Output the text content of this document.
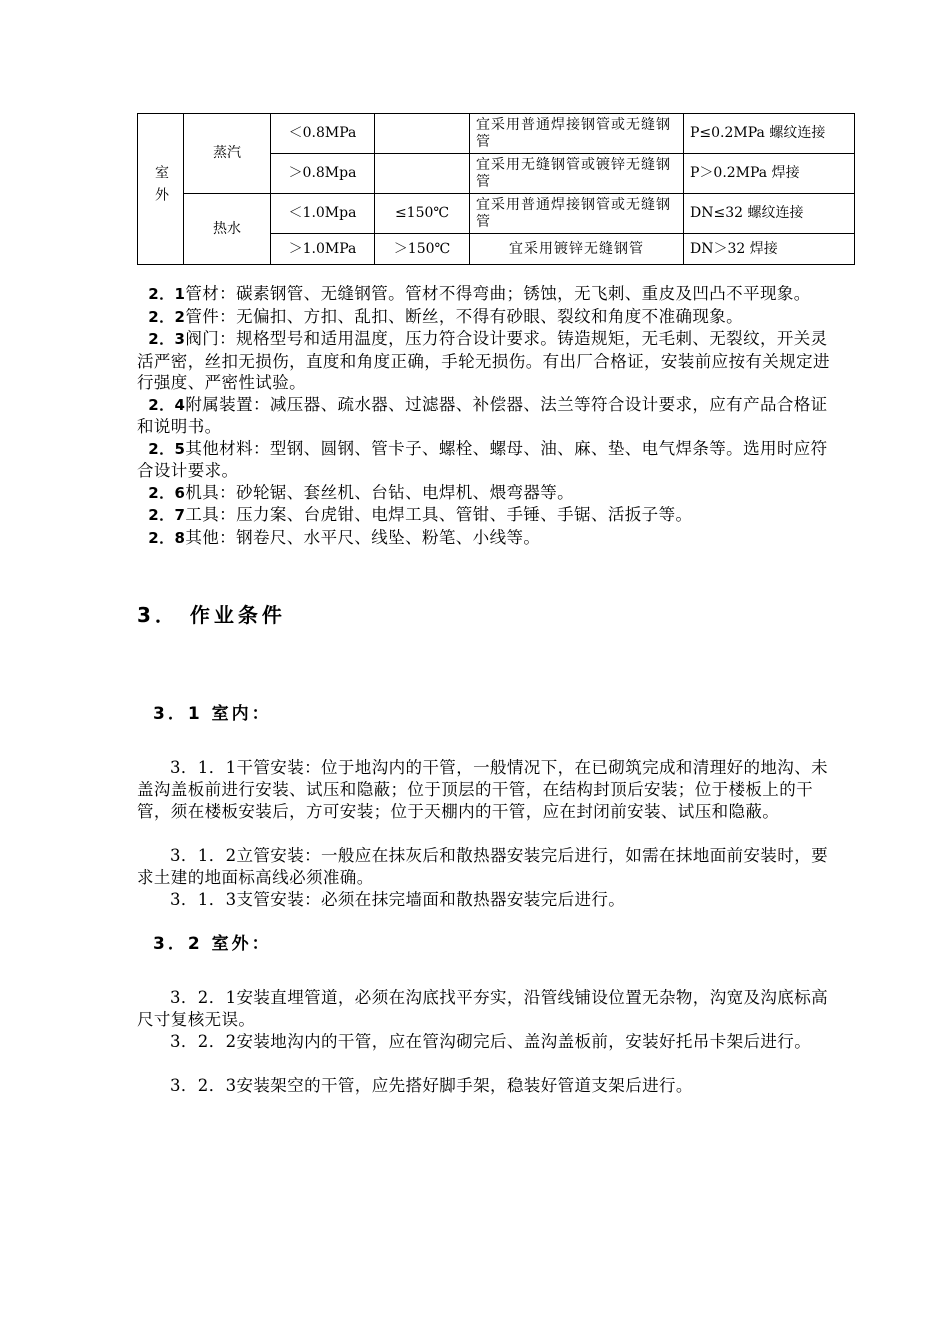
室外	蒸汽	＜0.8MPa		宜采用普通焊接钢管或无缝钢管	P≤0.2MPa 螺纹连接
		＞0.8Mpa		宜采用无缝钢管或镀锌无缝钢管	P＞0.2MPa 焊接
	热水	＜1.0Mpa	≤150℃	宜采用普通焊接钢管或无缝钢管	DN≤32 螺纹连接
		＞1.0MPa	＞150℃	宜采用镀锌无缝钢管	DN＞32 焊接
2．1管材：碳素钢管、无缝钢管。管材不得弯曲；锈蚀，无飞刺、重皮及凹凸不平现象。
2．2管件：无偏扣、方扣、乱扣、断丝，不得有砂眼、裂纹和角度不准确现象。
2．3阀门：规格型号和适用温度，压力符合设计要求。铸造规矩，无毛刺、无裂纹，开关灵活严密，丝扣无损伤，直度和角度正确，手轮无损伤。有出厂合格证，安装前应按有关规定进行强度、严密性试验。
2．4附属装置：减压器、疏水器、过滤器、补偿器、法兰等符合设计要求，应有产品合格证和说明书。
2．5其他材料：型钢、圆钢、管卡子、螺栓、螺母、油、麻、垫、电气焊条等。选用时应符合设计要求。
2．6机具：砂轮锯、套丝机、台钻、电焊机、煨弯器等。
2．7工具：压力案、台虎钳、电焊工具、管钳、手锤、手锯、活扳子等。
2．8其他：钢卷尺、水平尺、线坠、粉笔、小线等。
3． 作业条件
3．1 室内：
3．1．1干管安装：位于地沟内的干管，一般情况下，在已砌筑完成和清理好的地沟、未盖沟盖板前进行安装、试压和隐蔽；位于顶层的干管，在结构封顶后安装；位于楼板上的干管，须在楼板安装后，方可安装；位于天棚内的干管，应在封闭前安装、试压和隐蔽。
3．1．2立管安装：一般应在抹灰后和散热器安装完后进行，如需在抹地面前安装时，要求土建的地面标高线必须准确。
3．1．3支管安装：必须在抹完墙面和散热器安装完后进行。
3．2 室外：
3．2．1安装直埋管道，必须在沟底找平夯实，沿管线铺设位置无杂物，沟宽及沟底标高尺寸复核无误。
3．2．2安装地沟内的干管，应在管沟砌完后、盖沟盖板前，安装好托吊卡架后进行。
3．2．3安装架空的干管，应先搭好脚手架，稳装好管道支架后进行。
